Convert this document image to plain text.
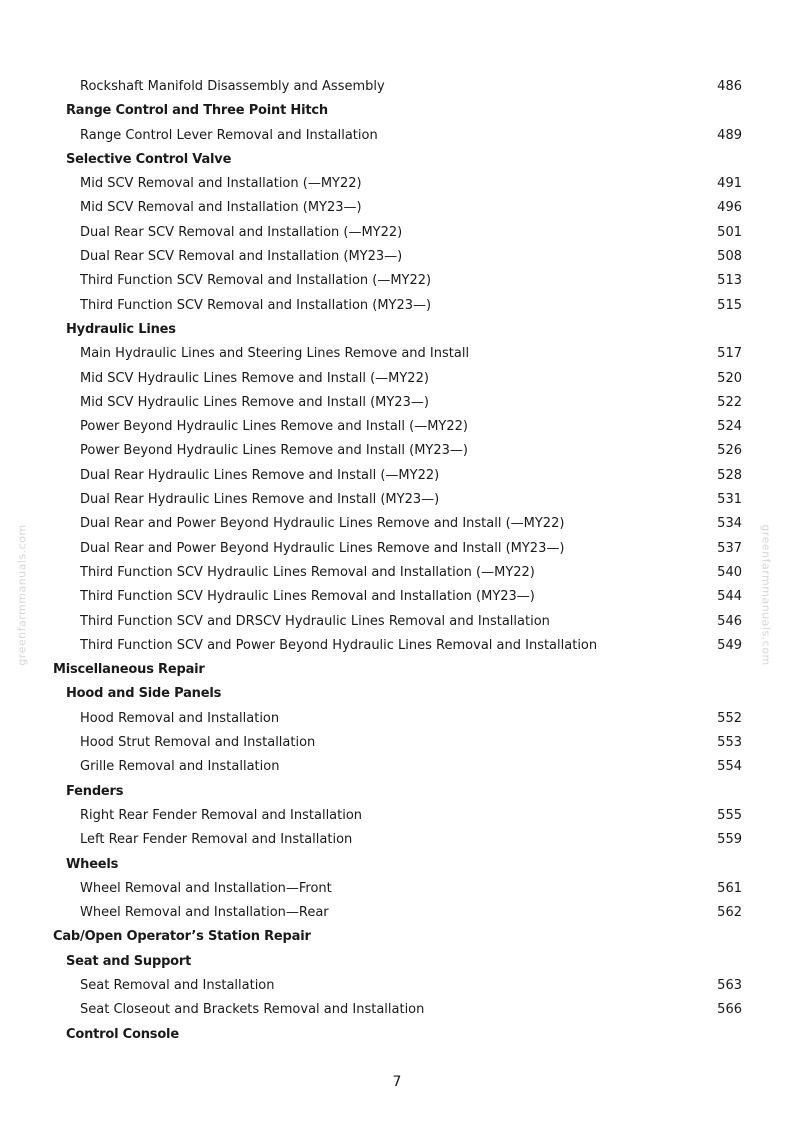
greenfarmmanuals.com	greenfarmmanuals.com
Rockshaft Manifold Disassembly and Assembly	486
Range Control and Three Point Hitch
Range Control Lever Removal and Installation	489
Selective Control Valve
Mid SCV Removal and Installation (—MY22)	491
Mid SCV Removal and Installation (MY23—)	496
Dual Rear SCV Removal and Installation (—MY22)	501
Dual Rear SCV Removal and Installation (MY23—)	508
Third Function SCV Removal and Installation (—MY22)	513
Third Function SCV Removal and Installation (MY23—)	515
Hydraulic Lines
Main Hydraulic Lines and Steering Lines Remove and Install	517
Mid SCV Hydraulic Lines Remove and Install (—MY22)	520
Mid SCV Hydraulic Lines Remove and Install (MY23—)	522
Power Beyond Hydraulic Lines Remove and Install (—MY22)	524
Power Beyond Hydraulic Lines Remove and Install (MY23—)	526
Dual Rear Hydraulic Lines Remove and Install (—MY22)	528
Dual Rear Hydraulic Lines Remove and Install (MY23—)	531
Dual Rear and Power Beyond Hydraulic Lines Remove and Install (—MY22)	534
Dual Rear and Power Beyond Hydraulic Lines Remove and Install (MY23—)	537
Third Function SCV Hydraulic Lines Removal and Installation (—MY22)	540
Third Function SCV Hydraulic Lines Removal and Installation (MY23—)	544
Third Function SCV and DRSCV Hydraulic Lines Removal and Installation	546
Third Function SCV and Power Beyond Hydraulic Lines Removal and Installation	549
Miscellaneous Repair
Hood and Side Panels
Hood Removal and Installation	552
Hood Strut Removal and Installation	553
Grille Removal and Installation	554
Fenders
Right Rear Fender Removal and Installation	555
Left Rear Fender Removal and Installation	559
Wheels
Wheel Removal and Installation—Front	561
Wheel Removal and Installation—Rear	562
Cab/Open Operator’s Station Repair
Seat and Support
Seat Removal and Installation	563
Seat Closeout and Brackets Removal and Installation	566
Control Console
7
